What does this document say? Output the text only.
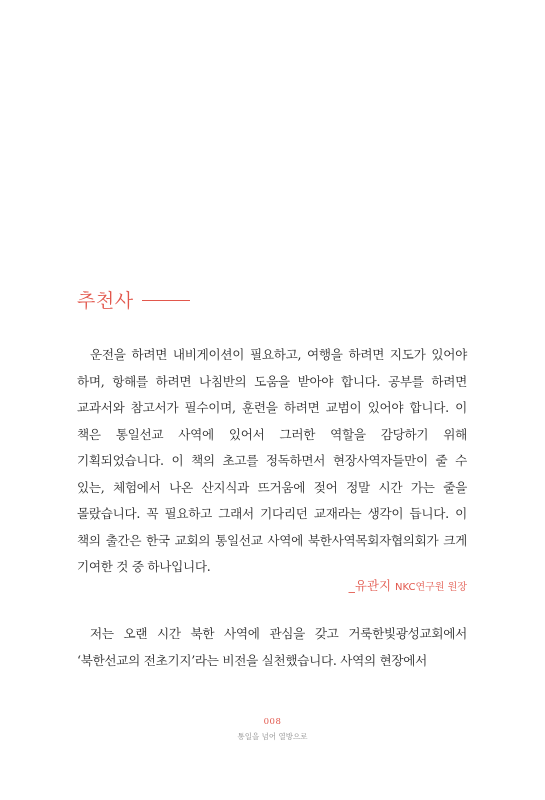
추천사

운전을 하려면 내비게이션이 필요하고, 여행을 하려면 지도가 있어야 하며, 항해를 하려면 나침반의 도움을 받아야 합니다. 공부를 하려면 교과서와 참고서가 필수이며, 훈련을 하려면 교범이 있어야 합니다. 이 책은 통일선교 사역에 있어서 그러한 역할을 감당하기 위해 기획되었습니다. 이 책의 초고를 정독하면서 현장사역자들만이 줄 수 있는, 체험에서 나온 산지식과 뜨거움에 젖어 정말 시간 가는 줄을 몰랐습니다. 꼭 필요하고 그래서 기다리던 교재라는 생각이 듭니다. 이 책의 출간은 한국 교회의 통일선교 사역에 북한사역목회자협의회가 크게 기여한 것 중 하나입니다.

_유관지 NKC연구원 원장

저는 오랜 시간 북한 사역에 관심을 갖고 거룩한빛광성교회에서 ‘북한선교의 전초기지’라는 비전을 실천했습니다. 사역의 현장에서

008
통일을 넘어 열방으로
